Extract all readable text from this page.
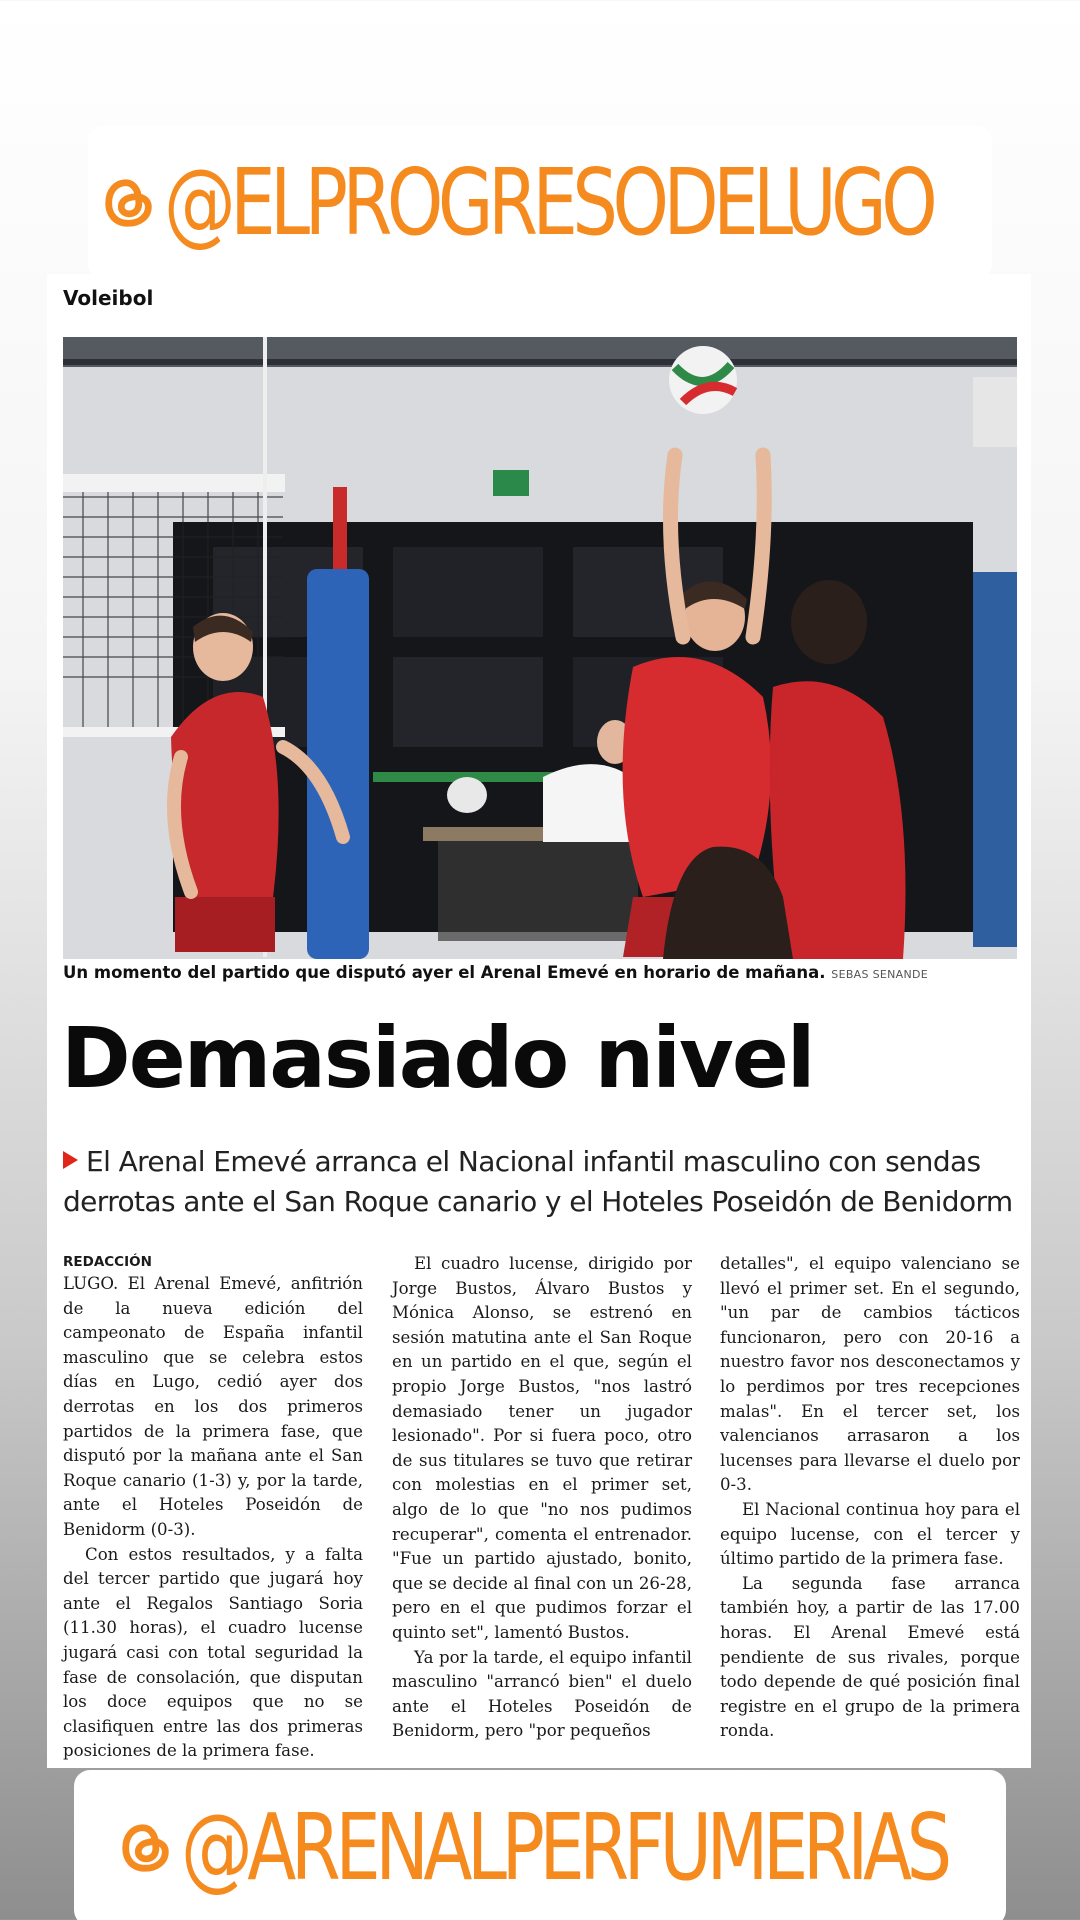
@ELPROGRESODELUGO
Voleibol
Un momento del partido que disputó ayer el Arenal Emevé en horario de mañana. SEBAS SENANDE
Demasiado nivel
El Arenal Emevé arranca el Nacional infantil masculino con sendas derrotas ante el San Roque canario y el Hoteles Poseidón de Benidorm
REDACCIÓN

LUGO. El Arenal Emevé, anfitrión de la nueva edición del campeonato de España infantil masculino que se celebra estos días en Lugo, cedió ayer dos derrotas en los dos primeros partidos de la primera fase, que disputó por la mañana ante el San Roque canario (1-3) y, por la tarde, ante el Hoteles Poseidón de Benidorm (0-3).

Con estos resultados, y a falta del tercer partido que jugará hoy ante el Regalos Santiago Soria (11.30 horas), el cuadro lucense jugará casi con total seguridad la fase de consolación, que disputan los doce equipos que no se clasifiquen entre las dos primeras posiciones de la primera fase.

El cuadro lucense, dirigido por Jorge Bustos, Álvaro Bustos y Mónica Alonso, se estrenó en sesión matutina ante el San Roque en un partido en el que, según el propio Jorge Bustos, "nos lastró demasiado tener un jugador lesionado". Por si fuera poco, otro de sus titulares se tuvo que retirar con molestias en el primer set, algo de lo que "no nos pudimos recuperar", comenta el entrenador. "Fue un partido ajustado, bonito, que se decide al final con un 26-28, pero en el que pudimos forzar el quinto set", lamentó Bustos.

Ya por la tarde, el equipo infantil masculino "arrancó bien" el duelo ante el Hoteles Poseidón de Benidorm, pero "por pequeños

detalles", el equipo valenciano se llevó el primer set. En el segundo, "un par de cambios tácticos funcionaron, pero con 20-16 a nuestro favor nos desconectamos y lo perdimos por tres recepciones malas". En el tercer set, los valencianos arrasaron a los lucenses para llevarse el duelo por 0-3.

El Nacional continua hoy para el equipo lucense, con el tercer y último partido de la primera fase.

La segunda fase arranca también hoy, a partir de las 17.00 horas. El Arenal Emevé está pendiente de sus rivales, porque todo depende de qué posición final registre en el grupo de la primera ronda.

@ARENALPERFUMERIAS
